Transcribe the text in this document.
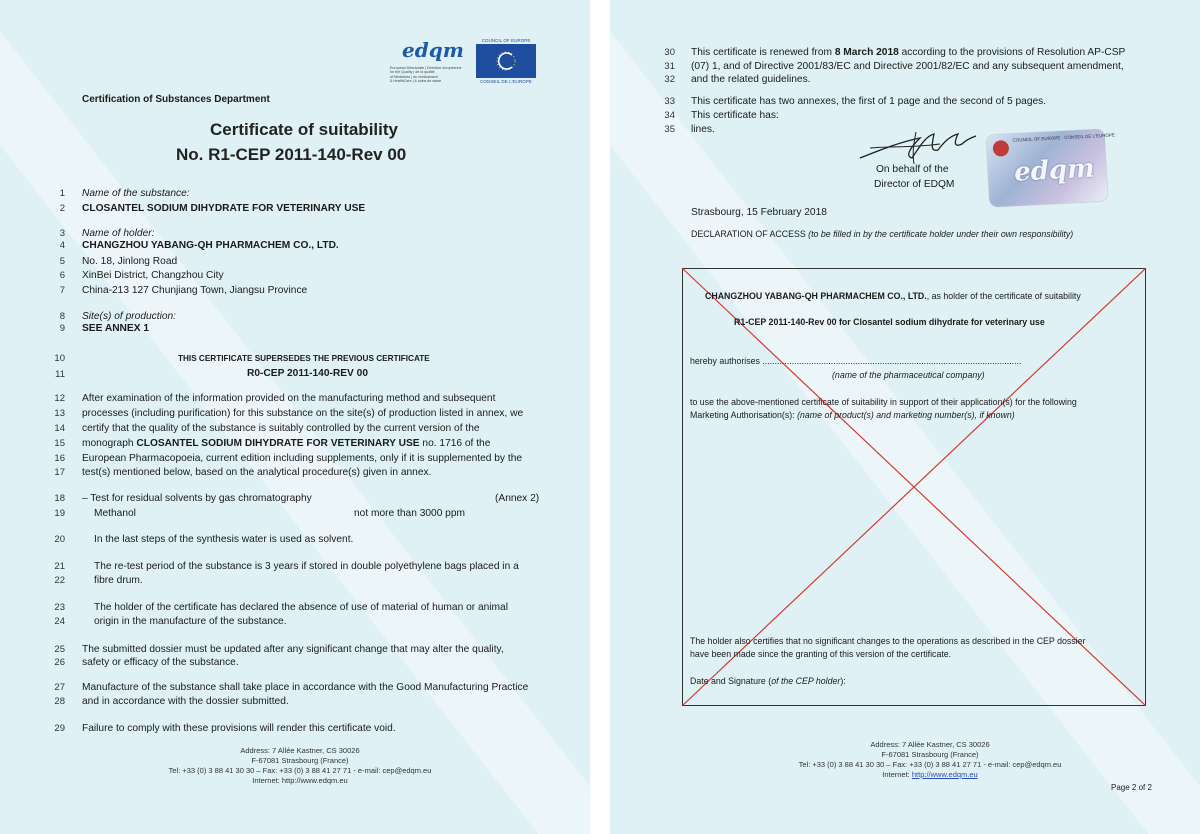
edqm
European Directorate | Direction européenne
for the Quality | de la qualité
of Medicines | du médicament
& HealthCare | & soins de santé
COUNCIL OF EUROPE
CONSEIL DE L'EUROPE
Certification of Substances Department
Certificate of suitability
No. R1-CEP 2011-140-Rev 00
1 Name of the substance:
2 CLOSANTEL SODIUM DIHYDRATE FOR VETERINARY USE
3 Name of holder:
4 CHANGZHOU YABANG-QH PHARMACHEM CO., LTD.
5 No. 18, Jinlong Road
6 XinBei District, Changzhou City
7 China-213 127 Chunjiang Town, Jiangsu Province
8 Site(s) of production:
9 SEE ANNEX 1
10	THIS CERTIFICATE SUPERSEDES THE PREVIOUS CERTIFICATE
11	R0-CEP 2011-140-REV 00
12 After examination of the information provided on the manufacturing method and subsequent
13 processes (including purification) for this substance on the site(s) of production listed in annex, we
14 certify that the quality of the substance is suitably controlled by the current version of the
15 monograph CLOSANTEL SODIUM DIHYDRATE FOR VETERINARY USE no. 1716 of the
16 European Pharmacopoeia, current edition including supplements, only if it is supplemented by the
17 test(s) mentioned below, based on the analytical procedure(s) given in annex.
18 – Test for residual solvents by gas chromatography	(Annex 2)
19	Methanol	not more than 3000 ppm
20	In the last steps of the synthesis water is used as solvent.
21	The re-test period of the substance is 3 years if stored in double polyethylene bags placed in a
22	fibre drum.
23	The holder of the certificate has declared the absence of use of material of human or animal
24	origin in the manufacture of the substance.
25 The submitted dossier must be updated after any significant change that may alter the quality,
26 safety or efficacy of the substance.
27 Manufacture of the substance shall take place in accordance with the Good Manufacturing Practice
28 and in accordance with the dossier submitted.
29 Failure to comply with these provisions will render this certificate void.
Address: 7 Allée Kastner, CS 30026
F-67081 Strasbourg (France)
Tel: +33 (0) 3 88 41 30 30 – Fax: +33 (0) 3 88 41 27 71 - e-mail: cep@edqm.eu
Internet: http://www.edqm.eu
30 This certificate is renewed from 8 March 2018 according to the provisions of Resolution AP-CSP
31 (07) 1, and of Directive 2001/83/EC and Directive 2001/82/EC and any subsequent amendment,
32 and the related guidelines.
33 This certificate has two annexes, the first of 1 page and the second of 5 pages.
34 This certificate has:
35 lines.
On behalf of the
Director of EDQM
COUNCIL OF EUROPE · CONSEIL DE L'EUROPE
edqm
Strasbourg, 15 February 2018
DECLARATION OF ACCESS (to be filled in by the certificate holder under their own responsibility)
CHANGZHOU YABANG-QH PHARMACHEM CO., LTD., as holder of the certificate of suitability
R1-CEP 2011-140-Rev 00 for Closantel sodium dihydrate for veterinary use
hereby authorises ..........................................................................................................
(name of the pharmaceutical company)
to use the above-mentioned certificate of suitability in support of their application(s) for the following
Marketing Authorisation(s): (name of product(s) and marketing number(s), if known)
The holder also certifies that no significant changes to the operations as described in the CEP dossier
have been made since the granting of this version of the certificate.
Date and Signature (of the CEP holder):
Address: 7 Allée Kastner, CS 30026
F-67081 Strasbourg (France)
Tel: +33 (0) 3 88 41 30 30 – Fax: +33 (0) 3 88 41 27 71 - e-mail: cep@edqm.eu
Internet: http://www.edqm.eu
Page 2 of 2
